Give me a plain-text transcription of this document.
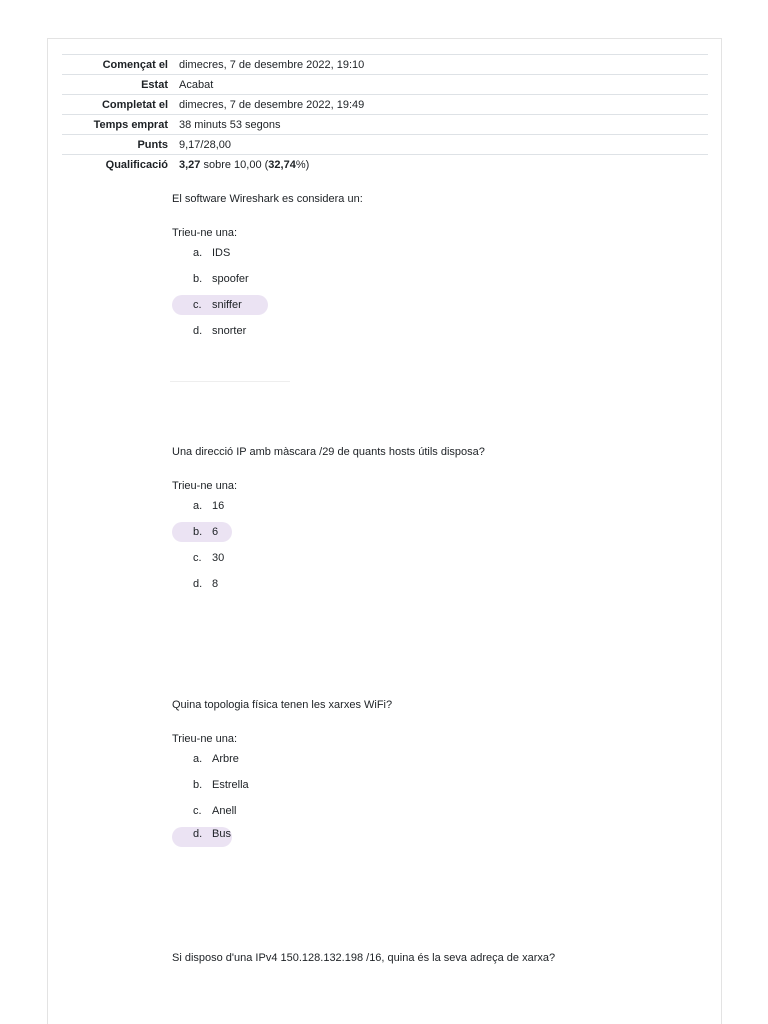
Començat el	dimecres, 7 de desembre 2022, 19:10
Estat	Acabat
Completat el	dimecres, 7 de desembre 2022, 19:49
Temps emprat	38 minuts 53 segons
Punts	9,17/28,00
Qualificació	3,27 sobre 10,00 (32,74%)

El software Wireshark es considera un:

Trieu-ne una:

a. IDS
b. spoofer
c. sniffer
d. snorter

Una direcció IP amb màscara /29 de quants hosts útils disposa?

Trieu-ne una:

a. 16
b. 6
c. 30
d. 8

Quina topologia física tenen les xarxes WiFi?

Trieu-ne una:

a. Arbre
b. Estrella
c. Anell
d. Bus

Si disposo d'una IPv4 150.128.132.198 /16, quina és la seva adreça de xarxa?
